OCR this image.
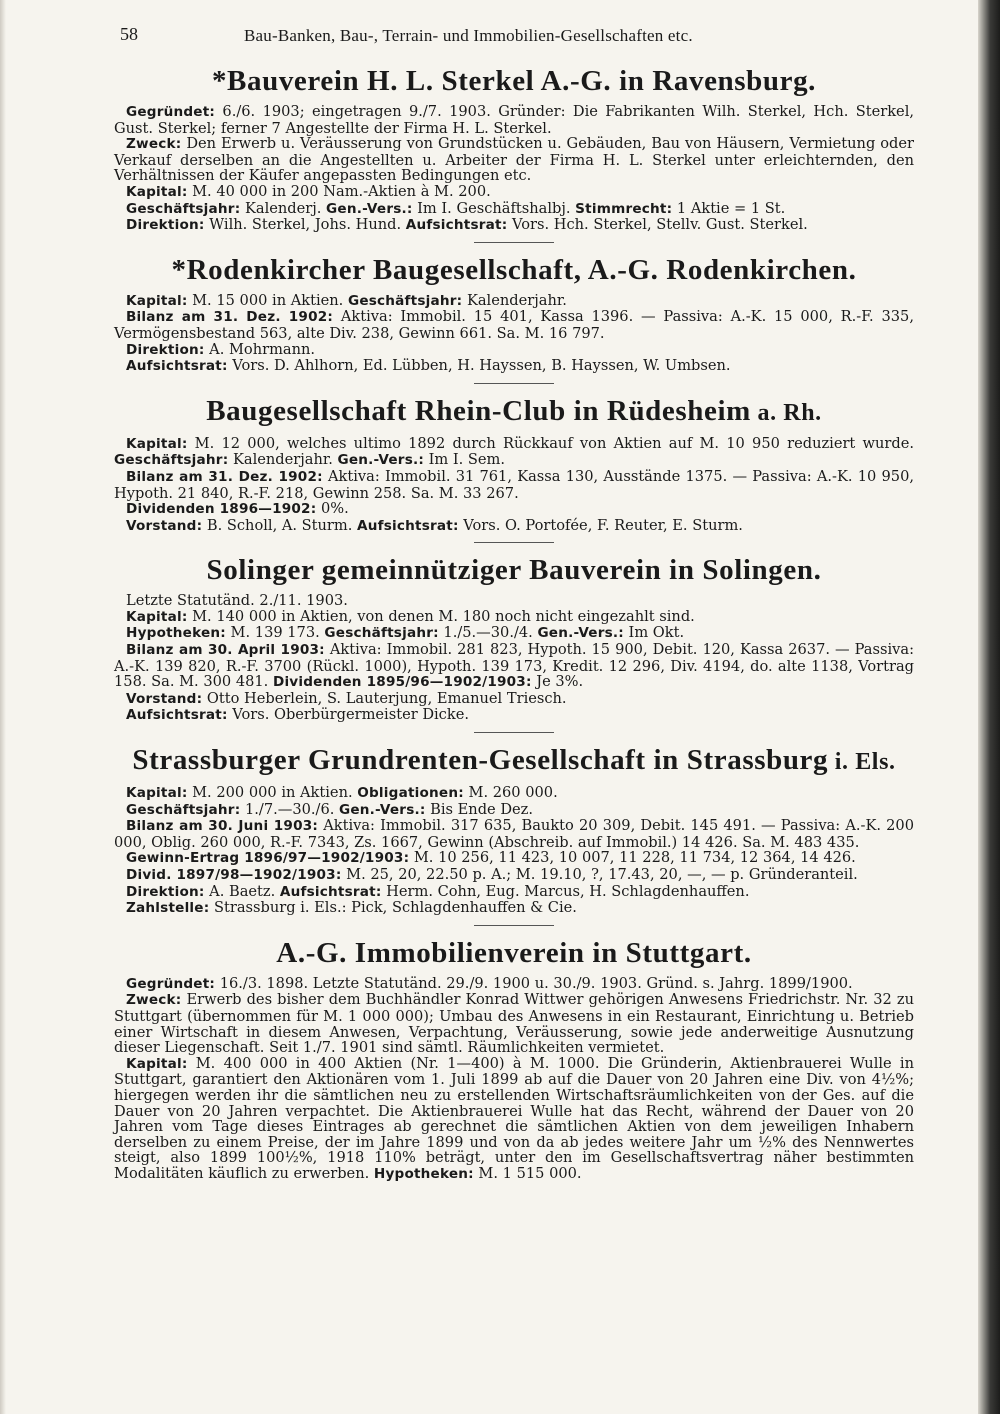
58	Bau-Banken, Bau-, Terrain- und Immobilien-Gesellschaften etc.
*Bauverein H. L. Sterkel A.-G. in Ravensburg.

Gegründet: 6./6. 1903; eingetragen 9./7. 1903. Gründer: Die Fabrikanten Wilh. Sterkel, Hch. Sterkel, Gust. Sterkel; ferner 7 Angestellte der Firma H. L. Sterkel.

Zweck: Den Erwerb u. Veräusserung von Grundstücken u. Gebäuden, Bau von Häusern, Vermietung oder Verkauf derselben an die Angestellten u. Arbeiter der Firma H. L. Sterkel unter erleichternden, den Verhältnissen der Käufer angepassten Bedingungen etc.

Kapital: M. 40 000 in 200 Nam.-Aktien à M. 200.

Geschäftsjahr: Kalenderj. Gen.-Vers.: Im I. Geschäftshalbj. Stimmrecht: 1 Aktie = 1 St.

Direktion: Wilh. Sterkel, Johs. Hund. Aufsichtsrat: Vors. Hch. Sterkel, Stellv. Gust. Sterkel.

*Rodenkircher Baugesellschaft, A.-G. Rodenkirchen.

Kapital: M. 15 000 in Aktien. Geschäftsjahr: Kalenderjahr.

Bilanz am 31. Dez. 1902: Aktiva: Immobil. 15 401, Kassa 1396. — Passiva: A.-K. 15 000, R.-F. 335, Vermögensbestand 563, alte Div. 238, Gewinn 661. Sa. M. 16 797.

Direktion: A. Mohrmann.

Aufsichtsrat: Vors. D. Ahlhorn, Ed. Lübben, H. Hayssen, B. Hayssen, W. Umbsen.

Baugesellschaft Rhein-Club in Rüdesheim a. Rh.

Kapital: M. 12 000, welches ultimo 1892 durch Rückkauf von Aktien auf M. 10 950 reduziert wurde. Geschäftsjahr: Kalenderjahr. Gen.-Vers.: Im I. Sem.

Bilanz am 31. Dez. 1902: Aktiva: Immobil. 31 761, Kassa 130, Ausstände 1375. — Passiva: A.-K. 10 950, Hypoth. 21 840, R.-F. 218, Gewinn 258. Sa. M. 33 267.

Dividenden 1896—1902: 0%.

Vorstand: B. Scholl, A. Sturm. Aufsichtsrat: Vors. O. Portofée, F. Reuter, E. Sturm.

Solinger gemeinnütziger Bauverein in Solingen.

Letzte Statutänd. 2./11. 1903.

Kapital: M. 140 000 in Aktien, von denen M. 180 noch nicht eingezahlt sind.

Hypotheken: M. 139 173. Geschäftsjahr: 1./5.—30./4. Gen.-Vers.: Im Okt.

Bilanz am 30. April 1903: Aktiva: Immobil. 281 823, Hypoth. 15 900, Debit. 120, Kassa 2637. — Passiva: A.-K. 139 820, R.-F. 3700 (Rückl. 1000), Hypoth. 139 173, Kredit. 12 296, Div. 4194, do. alte 1138, Vortrag 158. Sa. M. 300 481. Dividenden 1895/96—1902/1903: Je 3%.

Vorstand: Otto Heberlein, S. Lauterjung, Emanuel Triesch.

Aufsichtsrat: Vors. Oberbürgermeister Dicke.

Strassburger Grundrenten-Gesellschaft in Strassburg i. Els.

Kapital: M. 200 000 in Aktien. Obligationen: M. 260 000.

Geschäftsjahr: 1./7.—30./6. Gen.-Vers.: Bis Ende Dez.

Bilanz am 30. Juni 1903: Aktiva: Immobil. 317 635, Baukto 20 309, Debit. 145 491. — Passiva: A.-K. 200 000, Oblig. 260 000, R.-F. 7343, Zs. 1667, Gewinn (Abschreib. auf Immobil.) 14 426. Sa. M. 483 435.

Gewinn-Ertrag 1896/97—1902/1903: M. 10 256, 11 423, 10 007, 11 228, 11 734, 12 364, 14 426.

Divid. 1897/98—1902/1903: M. 25, 20, 22.50 p. A.; M. 19.10, ?, 17.43, 20, —, — p. Gründeranteil.

Direktion: A. Baetz. Aufsichtsrat: Herm. Cohn, Eug. Marcus, H. Schlagdenhauffen.

Zahlstelle: Strassburg i. Els.: Pick, Schlagdenhauffen & Cie.

A.-G. Immobilienverein in Stuttgart.

Gegründet: 16./3. 1898. Letzte Statutänd. 29./9. 1900 u. 30./9. 1903. Gründ. s. Jahrg. 1899/1900.

Zweck: Erwerb des bisher dem Buchhändler Konrad Wittwer gehörigen Anwesens Friedrichstr. Nr. 32 zu Stuttgart (übernommen für M. 1 000 000); Umbau des Anwesens in ein Restaurant, Einrichtung u. Betrieb einer Wirtschaft in diesem Anwesen, Verpachtung, Veräusserung, sowie jede anderweitige Ausnutzung dieser Liegenschaft. Seit 1./7. 1901 sind sämtl. Räumlichkeiten vermietet.

Kapital: M. 400 000 in 400 Aktien (Nr. 1—400) à M. 1000. Die Gründerin, Aktienbrauerei Wulle in Stuttgart, garantiert den Aktionären vom 1. Juli 1899 ab auf die Dauer von 20 Jahren eine Div. von 4½%; hiergegen werden ihr die sämtlichen neu zu erstellenden Wirtschaftsräumlichkeiten von der Ges. auf die Dauer von 20 Jahren verpachtet. Die Aktienbrauerei Wulle hat das Recht, während der Dauer von 20 Jahren vom Tage dieses Eintrages ab gerechnet die sämtlichen Aktien von dem jeweiligen Inhabern derselben zu einem Preise, der im Jahre 1899 und von da ab jedes weitere Jahr um ½% des Nennwertes steigt, also 1899 100½%, 1918 110% beträgt, unter den im Gesellschaftsvertrag näher bestimmten Modalitäten käuflich zu erwerben. Hypotheken: M. 1 515 000.
